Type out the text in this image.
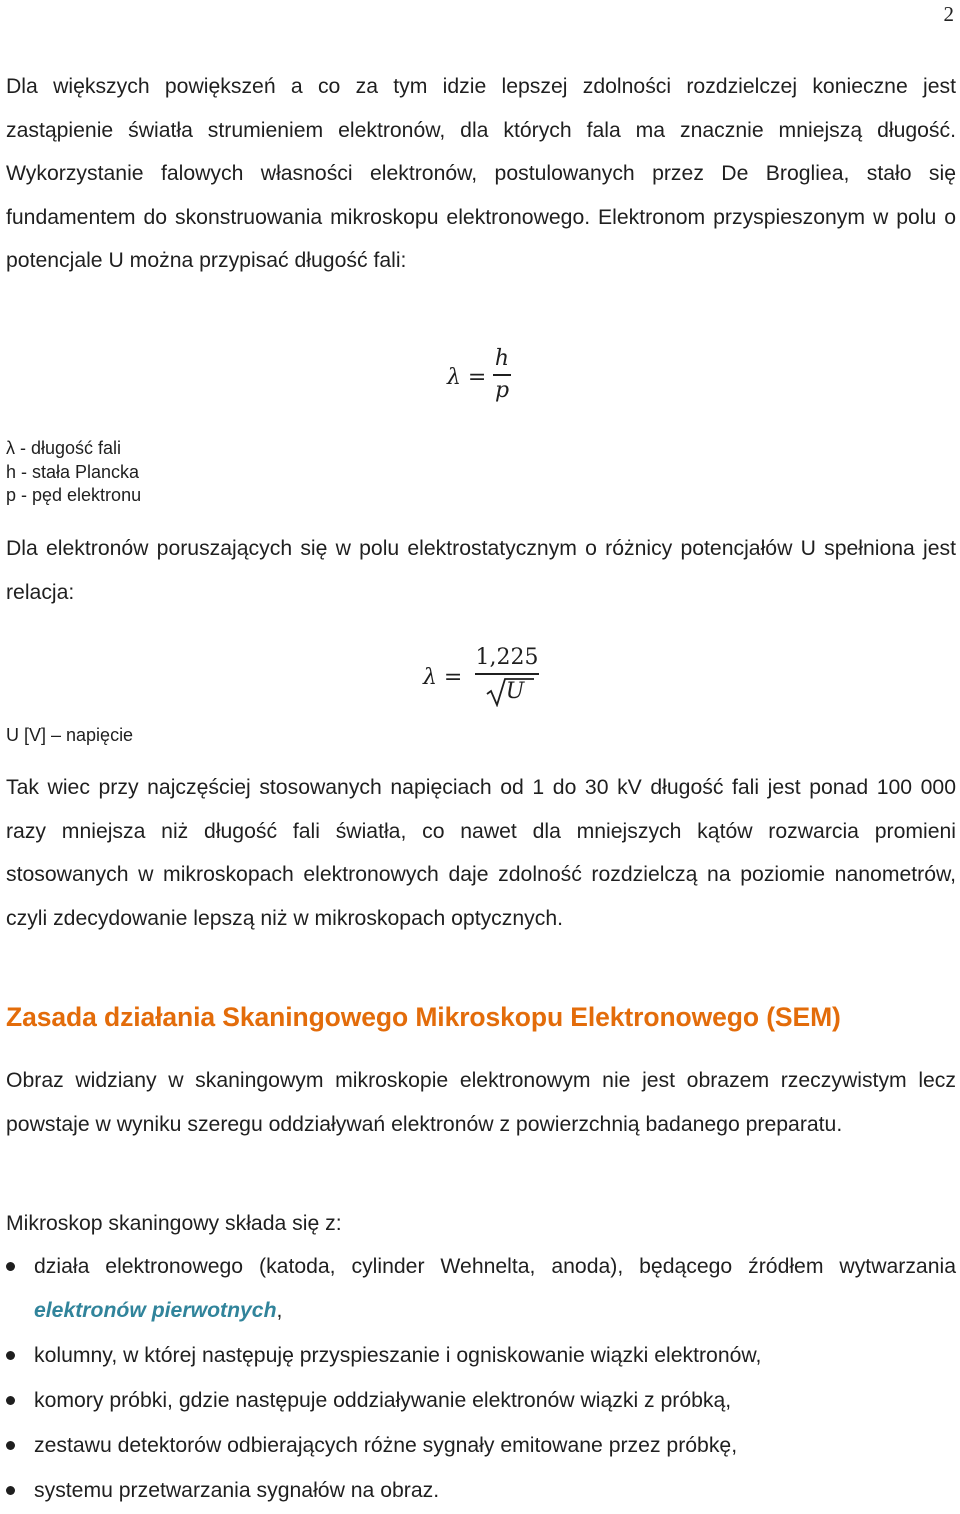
2

Dla większych powiększeń a co za tym idzie lepszej zdolności rozdzielczej konieczne jest zastąpienie światła strumieniem elektronów, dla których fala ma znacznie mniejszą długość. Wykorzystanie falowych własności elektronów, postulowanych przez De Brogliea, stało się fundamentem do skonstruowania mikroskopu elektronowego. Elektronom przyspieszonym w polu o potencjale U można przypisać długość fali:

λ =
h
p
λ - długość fali
h - stała Plancka
p - pęd elektronu

Dla elektronów poruszających się w polu elektrostatycznym o różnicy potencjałów U spełniona jest relacja:

λ =
1,225
U
U [V] – napięcie

Tak wiec przy najczęściej stosowanych napięciach od 1 do 30 kV długość fali jest ponad 100 000 razy mniejsza niż długość fali światła, co nawet dla mniejszych kątów rozwarcia promieni stosowanych w mikroskopach elektronowych daje zdolność rozdzielczą na poziomie nanometrów, czyli zdecydowanie lepszą niż w mikroskopach optycznych.

Zasada działania Skaningowego Mikroskopu Elektronowego (SEM)

Obraz widziany w skaningowym mikroskopie elektronowym nie jest obrazem rzeczywistym lecz powstaje w wyniku szeregu oddziaływań elektronów z powierzchnią badanego preparatu.

Mikroskop skaningowy składa się z:

działa elektronowego (katoda, cylinder Wehnelta, anoda), będącego źródłem wytwarzania elektronów pierwotnych,
kolumny, w której następuję przyspieszanie i ogniskowanie wiązki elektronów,
komory próbki, gdzie następuje oddziaływanie elektronów wiązki z próbką,
zestawu detektorów odbierających różne sygnały emitowane przez próbkę,
systemu przetwarzania sygnałów na obraz.
